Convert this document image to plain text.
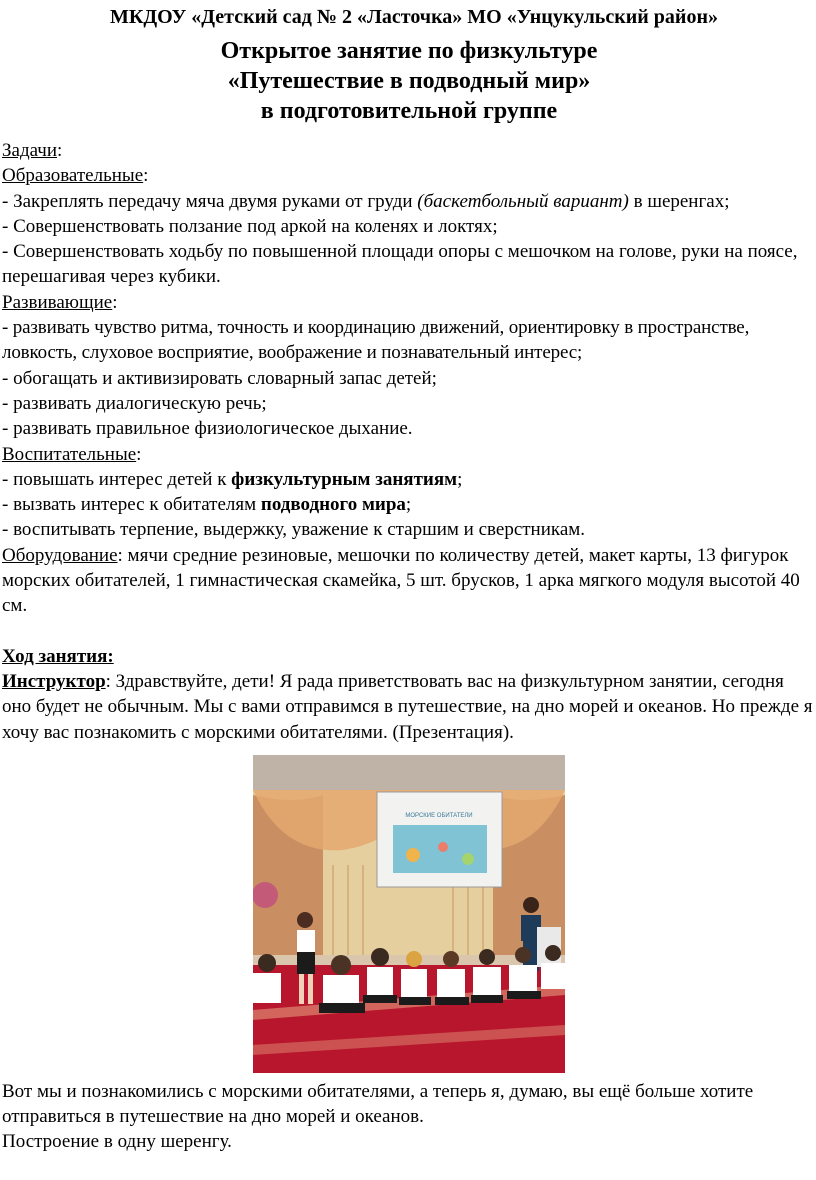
МКДОУ «Детский сад № 2 «Ласточка» МО «Унцукульский район»
Открытое занятие по физкультуре
«Путешествие в подводный мир»
в подготовительной группе

Задачи:

Образовательные:

- Закреплять передачу мяча двумя руками от груди (баскетбольный вариант) в шеренгах;

- Совершенствовать ползание под аркой на коленях и локтях;

- Совершенствовать ходьбу по повышенной площади опоры с мешочком на голове, руки на поясе, перешагивая через кубики.

Развивающие:

- развивать чувство ритма, точность и координацию движений, ориентировку в пространстве, ловкость, слуховое восприятие, воображение и познавательный интерес;

- обогащать и активизировать словарный запас детей;

- развивать диалогическую речь;

- развивать правильное физиологическое дыхание.

Воспитательные:

- повышать интерес детей к физкультурным занятиям;

- вызвать интерес к обитателям подводного мира;

- воспитывать терпение, выдержку, уважение к старшим и сверстникам.

Оборудование: мячи средние резиновые, мешочки по количеству детей, макет карты, 13 фигурок морских обитателей, 1 гимнастическая скамейка, 5 шт. брусков, 1 арка мягкого модуля высотой 40 см.

Ход занятия:

Инструктор: Здравствуйте, дети! Я рада приветствовать вас на физкультурном занятии, сегодня оно будет не обычным. Мы с вами отправимся в путешествие, на дно морей и океанов. Но прежде я хочу вас познакомить с морскими обитателями. (Презентация).

МОРСКИЕ ОБИТАТЕЛИ

Вот мы и познакомились с морскими обитателями, а теперь я, думаю, вы ещё больше хотите отправиться в путешествие на дно морей и океанов.

Построение в одну шеренгу.
